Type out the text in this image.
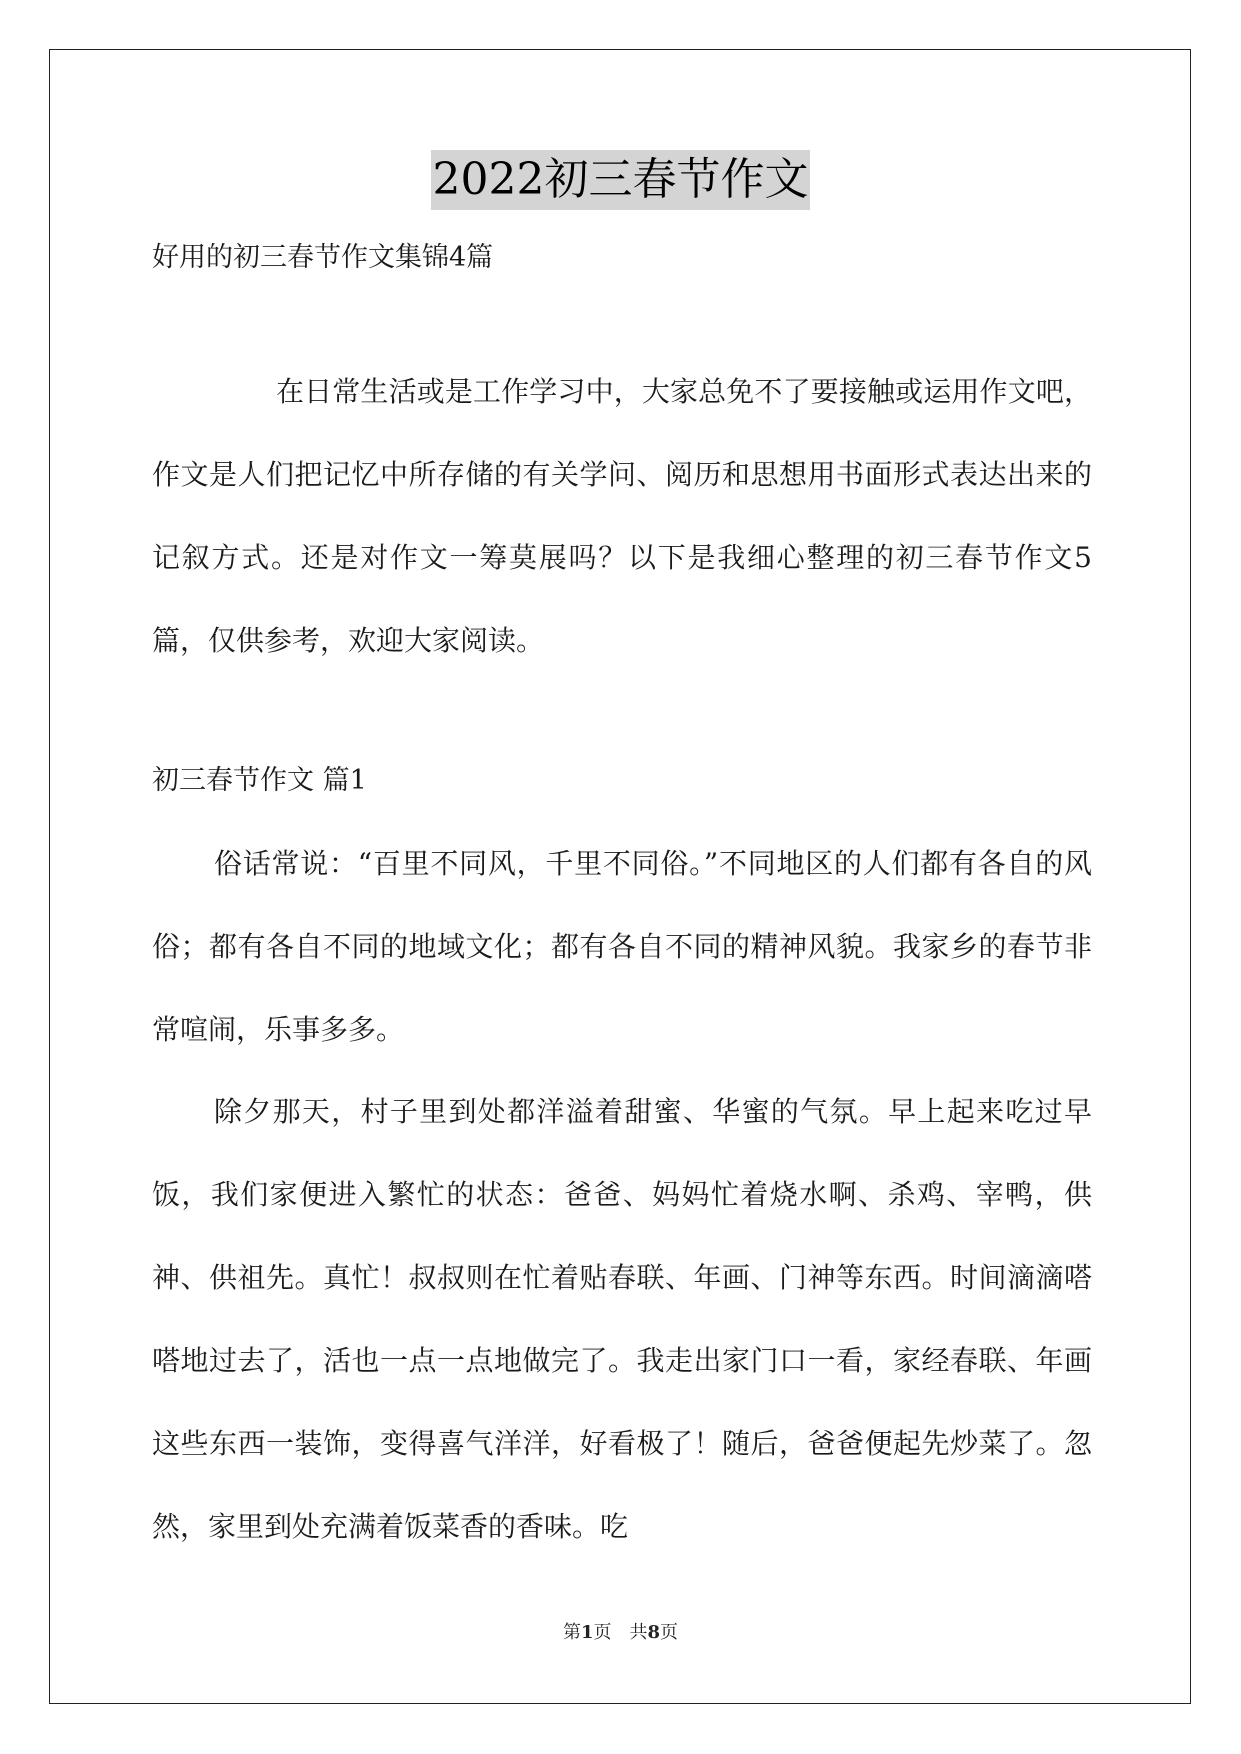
2022初三春节作文
好用的初三春节作文集锦4篇

在日常生活或是工作学习中，大家总免不了要接触或运用作文吧，作文是人们把记忆中所存储的有关学问、阅历和思想用书面形式表达出来的记叙方式。还是对作文一筹莫展吗？以下是我细心整理的初三春节作文5篇，仅供参考，欢迎大家阅读。

初三春节作文 篇1

俗话常说：“百里不同风，千里不同俗。”不同地区的人们都有各自的风俗；都有各自不同的地域文化；都有各自不同的精神风貌。我家乡的春节非常喧闹，乐事多多。

除夕那天，村子里到处都洋溢着甜蜜、华蜜的气氛。早上起来吃过早饭，我们家便进入繁忙的状态：爸爸、妈妈忙着烧水啊、杀鸡、宰鸭，供神、供祖先。真忙！叔叔则在忙着贴春联、年画、门神等东西。时间滴滴嗒嗒地过去了，活也一点一点地做完了。我走出家门口一看，家经春联、年画这些东西一装饰，变得喜气洋洋，好看极了！随后，爸爸便起先炒菜了。忽然，家里到处充满着饭菜香的香味。吃

第1页　共8页
